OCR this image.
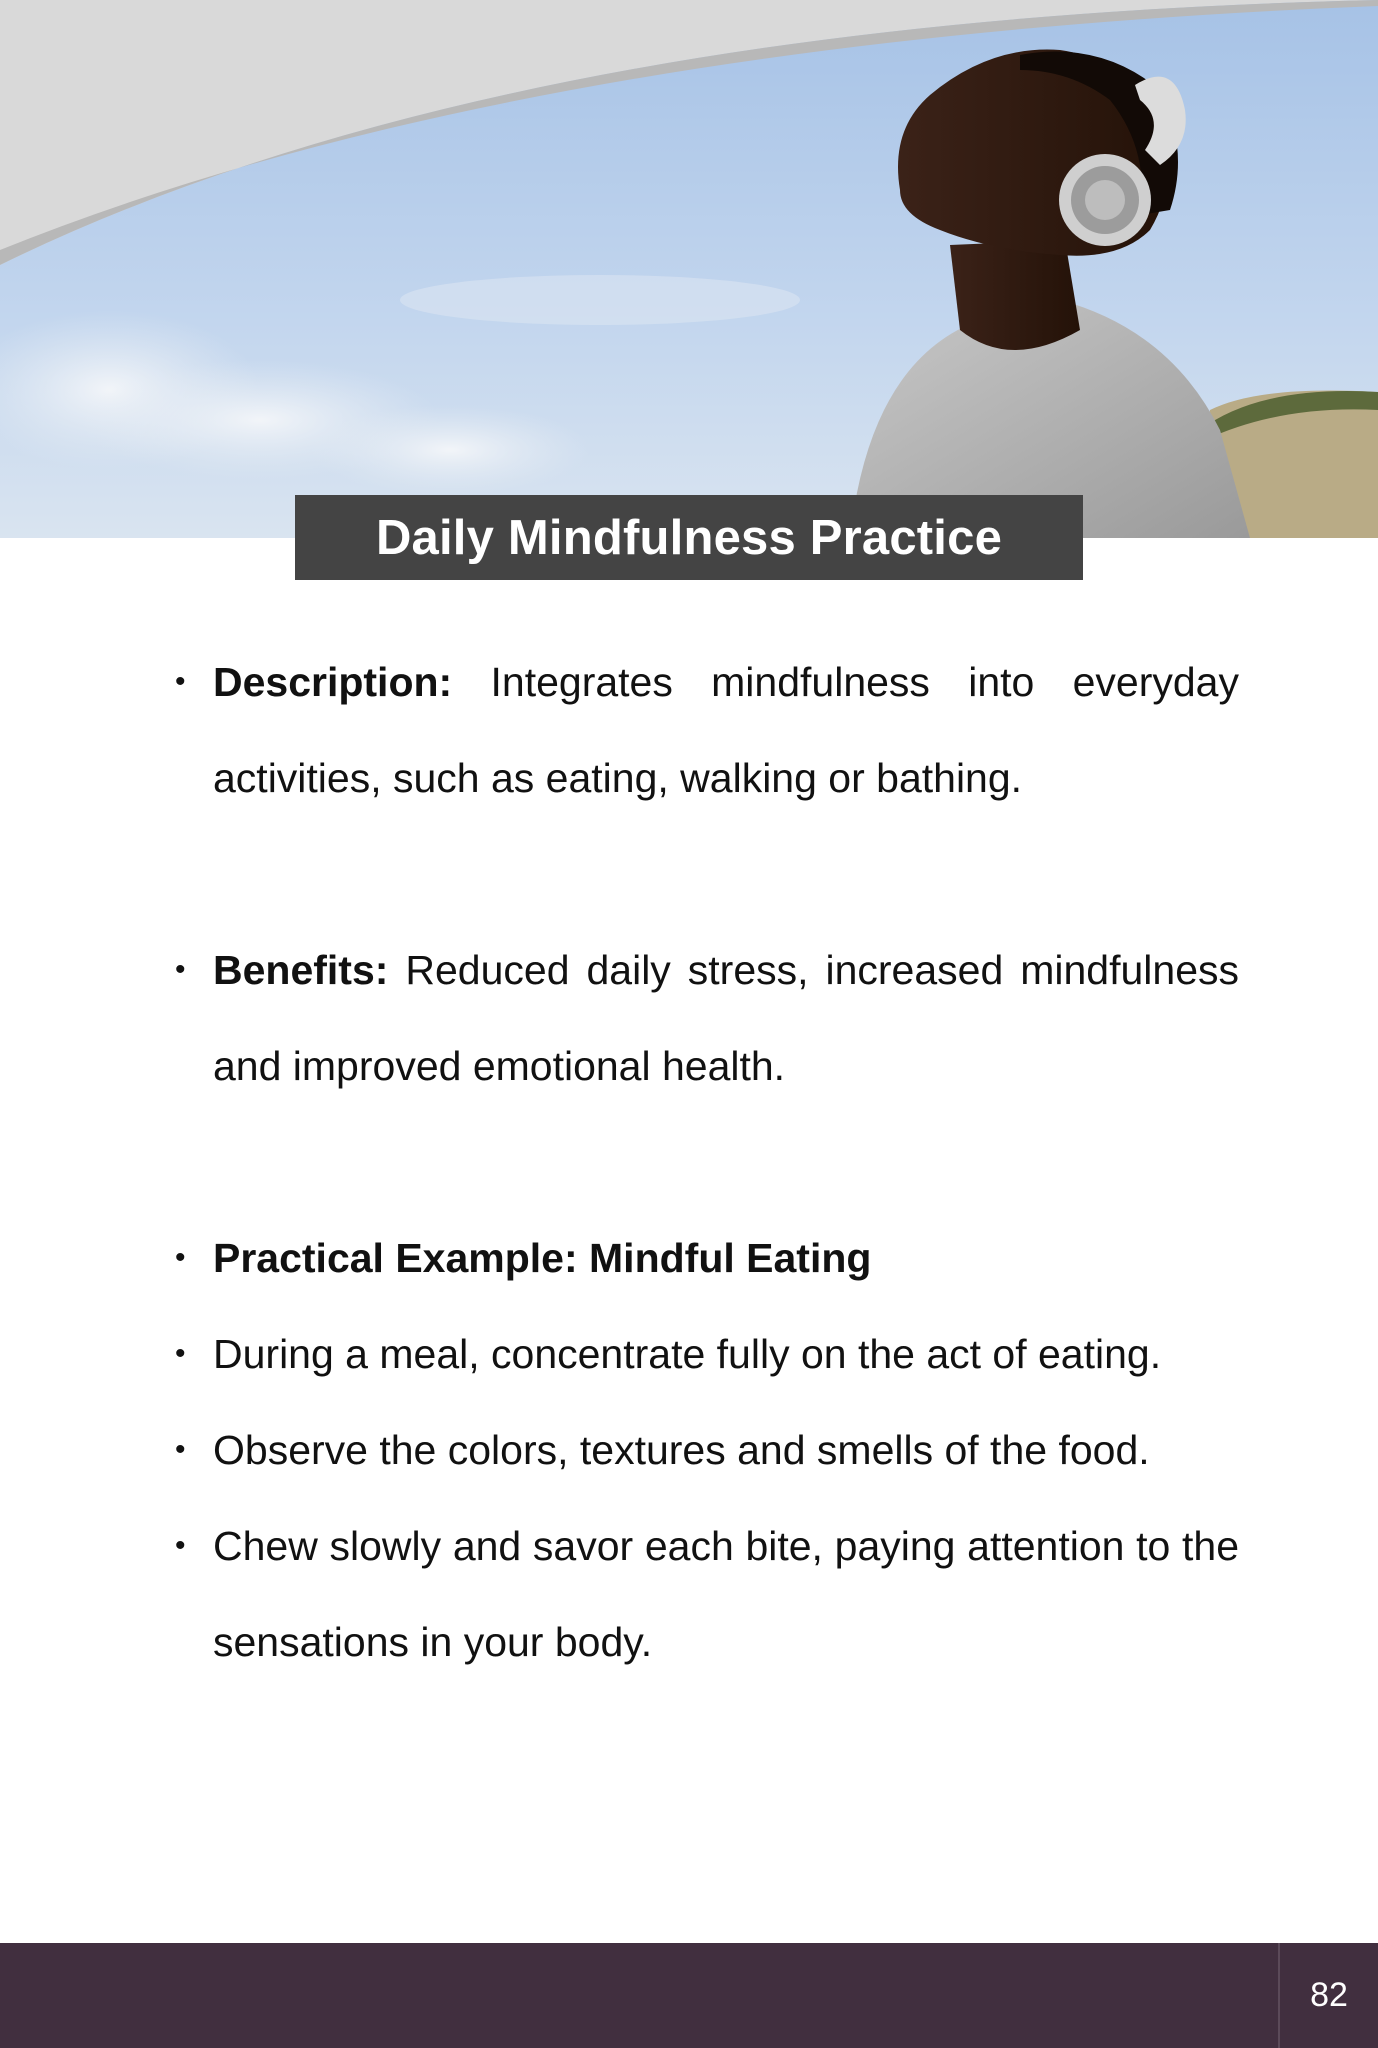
Daily Mindfulness Practice
• Description: Integrates mindfulness into everyday activities, such as eating, walking or bathing.
• Benefits: Reduced daily stress, increased mindfulness and improved emotional health.
• Practical Example: Mindful Eating
• During a meal, concentrate fully on the act of eating.
• Observe the colors, textures and smells of the food.
• Chew slowly and savor each bite, paying attention to the sensations in your body.
82
